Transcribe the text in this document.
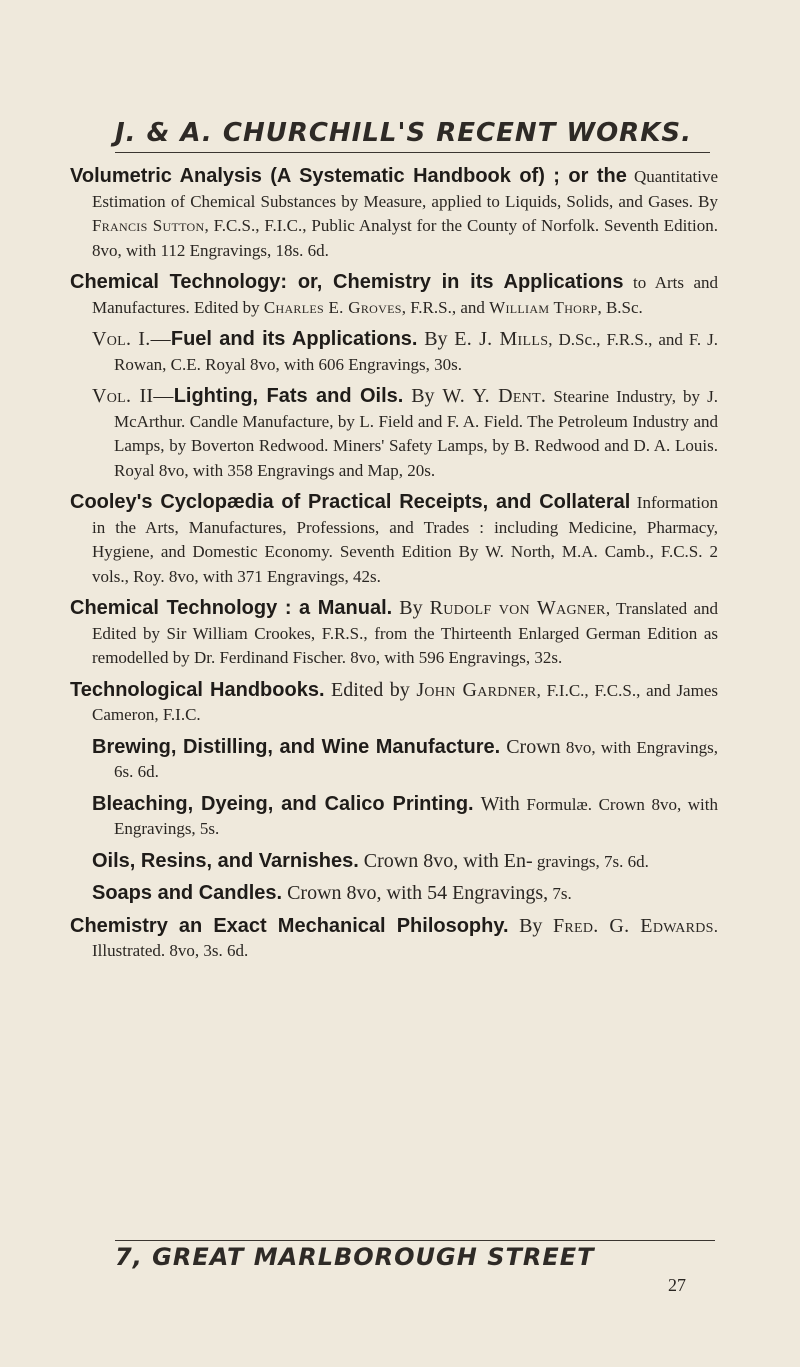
J. & A. CHURCHILL'S RECENT WORKS.

Volumetric Analysis (A Systematic Handbook of) ; or the Quantitative Estimation of Chemical Substances by Measure, applied to Liquids, Solids, and Gases. By Francis Sutton, F.C.S., F.I.C., Public Analyst for the County of Norfolk. Seventh Edition. 8vo, with 112 Engravings, 18s. 6d.

Chemical Technology: or, Chemistry in its Applications to Arts and Manufactures. Edited by Charles E. Groves, F.R.S., and William Thorp, B.Sc.

Vol. I.—Fuel and its Applications. By E. J. Mills, D.Sc., F.R.S., and F. J. Rowan, C.E. Royal 8vo, with 606 Engravings, 30s.

Vol. II—Lighting, Fats and Oils. By W. Y. Dent. Stearine Industry, by J. McArthur. Candle Manufacture, by L. Field and F. A. Field. The Petroleum Industry and Lamps, by Boverton Redwood. Miners' Safety Lamps, by B. Redwood and D. A. Louis. Royal 8vo, with 358 Engravings and Map, 20s.

Cooley's Cyclopædia of Practical Receipts, and Collateral Information in the Arts, Manufactures, Professions, and Trades : including Medicine, Pharmacy, Hygiene, and Domestic Economy. Seventh Edition By W. North, M.A. Camb., F.C.S. 2 vols., Roy. 8vo, with 371 Engravings, 42s.

Chemical Technology : a Manual. By Rudolf von Wagner, Translated and Edited by Sir William Crookes, F.R.S., from the Thirteenth Enlarged German Edition as remodelled by Dr. Ferdinand Fischer. 8vo, with 596 Engravings, 32s.

Technological Handbooks. Edited by John Gardner, F.I.C., F.C.S., and James Cameron, F.I.C.

Brewing, Distilling, and Wine Manufacture. Crown 8vo, with Engravings, 6s. 6d.

Bleaching, Dyeing, and Calico Printing. With Formulæ. Crown 8vo, with Engravings, 5s.

Oils, Resins, and Varnishes. Crown 8vo, with En- gravings, 7s. 6d.

Soaps and Candles. Crown 8vo, with 54 Engravings, 7s.

Chemistry an Exact Mechanical Philosophy. By Fred. G. Edwards. Illustrated. 8vo, 3s. 6d.

7, GREAT MARLBOROUGH STREET
27
